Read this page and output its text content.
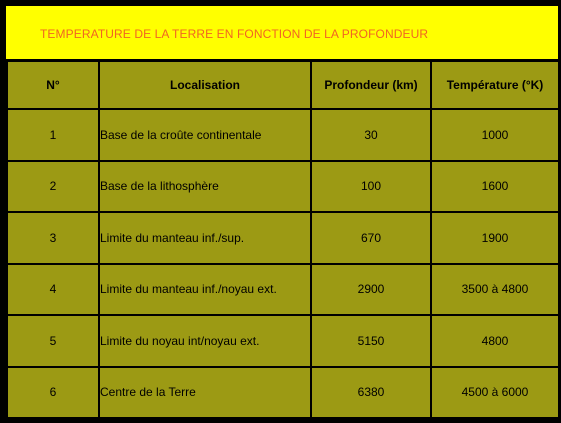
TEMPERATURE DE LA TERRE EN FONCTION DE LA PROFONDEUR
N°	Localisation	Profondeur (km)	Température (°K)
1	Base de la croûte continentale	30	1000
2	Base de la lithosphère	100	1600
3	Limite du manteau inf./sup.	670	1900
4	Limite du manteau inf./noyau ext.	2900	3500 à 4800
5	Limite du noyau int/noyau ext.	5150	4800
6	Centre de la Terre	6380	4500 à 6000
